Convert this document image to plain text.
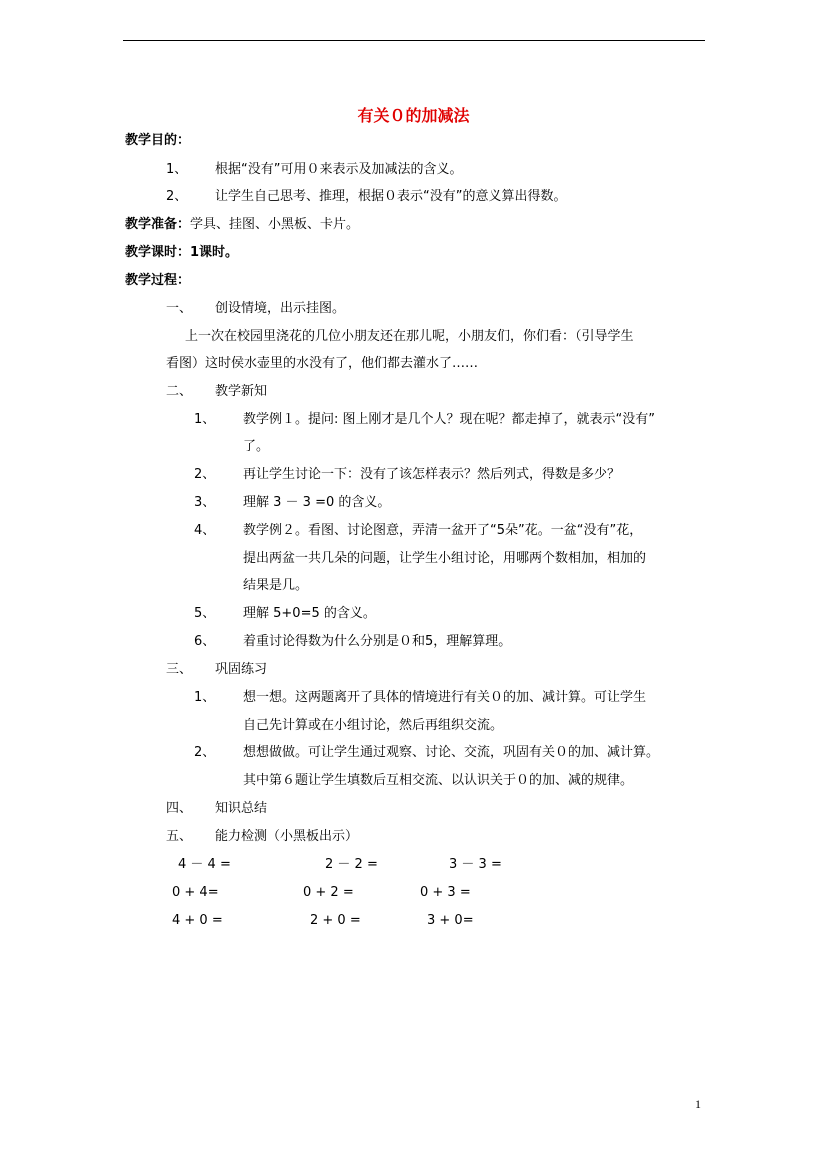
有关０的加减法
教学目的：
1、 根据“没有”可用０来表示及加减法的含义。
2、 让学生自己思考、推理，根据０表示“没有”的意义算出得数。
教学准备：学具、挂图、小黑板、卡片。
教学课时：1课时。
教学过程：
一、 创设情境，出示挂图。
上一次在校园里浇花的几位小朋友还在那儿呢，小朋友们，你们看：（引导学生
看图）这时侯水壶里的水没有了，他们都去灌水了……
二、 教学新知
1、 教学例１。提问: 图上刚才是几个人？现在呢？都走掉了，就表示“没有”
了。
2、 再让学生讨论一下：没有了该怎样表示？然后列式，得数是多少？
3、 理解 3 － 3 =0 的含义。
4、 教学例２。看图、讨论图意，弄清一盆开了“5朵”花。一盆“没有”花，
提出两盆一共几朵的问题，让学生小组讨论，用哪两个数相加，相加的
结果是几。
5、 理解 5+0=5 的含义。
6、 着重讨论得数为什么分别是０和5，理解算理。
三、 巩固练习
1、 想一想。这两题离开了具体的情境进行有关０的加、减计算。可让学生
自己先计算或在小组讨论，然后再组织交流。
2、 想想做做。可让学生通过观察、讨论、交流，巩固有关０的加、减计算。
其中第６题让学生填数后互相交流、以认识关于０的加、减的规律。
四、 知识总结
五、 能力检测（小黑板出示）
4 － 4 =	2 － 2 =	3 － 3 =
0 + 4=	0 + 2 =	0 + 3 =
4 + 0 =	2 + 0 =	3 + 0=
1
